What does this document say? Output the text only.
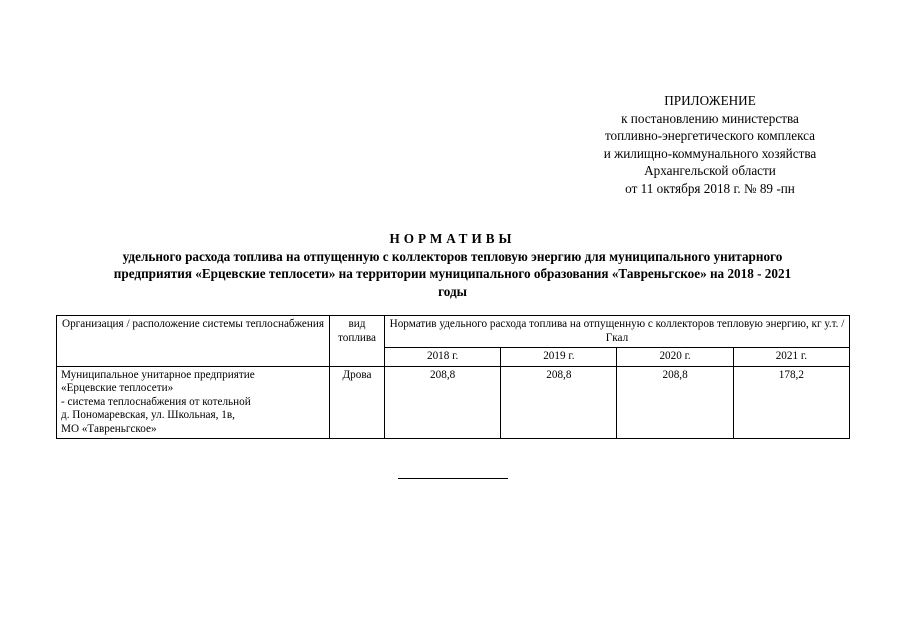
ПРИЛОЖЕНИЕ
к постановлению министерства
топливно-энергетического комплекса
и жилищно-коммунального хозяйства
Архангельской области
от 11 октября 2018 г. № 89 -пн
НОРМАТИВЫ
удельного расхода топлива на отпущенную с коллекторов тепловую энергию для муниципального унитарного
предприятия «Ерцевские теплосети» на территории муниципального образования «Тавреньгское» на 2018 - 2021
годы
Организация / расположение системы теплоснабжения	вид топлива	Норматив удельного расхода топлива на отпущенную с коллекторов тепловую энергию, кг у.т. /Гкал			
		2018 г.	2019 г.	2020 г.	2021 г.

Муниципальное унитарное предприятие
«Ерцевские теплосети»
- система теплоснабжения от котельной
д. Пономаревская, ул. Школьная, 1в,
МО «Тавреньгское»	Дрова	208,8	208,8	208,8	178,2
